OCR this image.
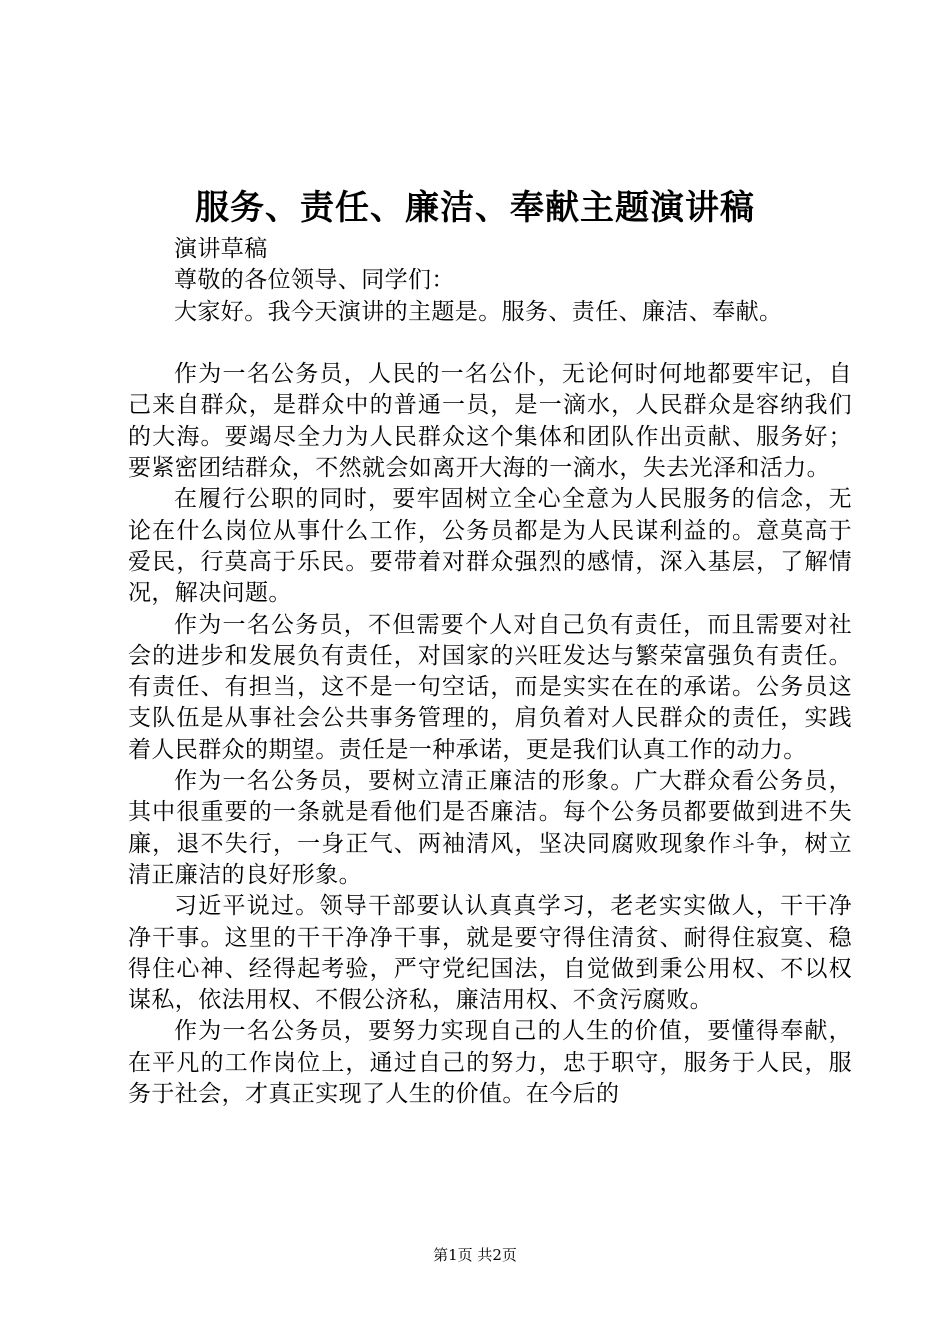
服务、责任、廉洁、奉献主题演讲稿

演讲草稿

尊敬的各位领导、同学们：

大家好。我今天演讲的主题是。服务、责任、廉洁、奉献。

作为一名公务员，人民的一名公仆，无论何时何地都要牢记，自己来自群众，是群众中的普通一员，是一滴水，人民群众是容纳我们的大海。要竭尽全力为人民群众这个集体和团队作出贡献、服务好；要紧密团结群众，不然就会如离开大海的一滴水，失去光泽和活力。

在履行公职的同时，要牢固树立全心全意为人民服务的信念，无论在什么岗位从事什么工作，公务员都是为人民谋利益的。意莫高于爱民，行莫高于乐民。要带着对群众强烈的感情，深入基层，了解情况，解决问题。

作为一名公务员，不但需要个人对自己负有责任，而且需要对社会的进步和发展负有责任，对国家的兴旺发达与繁荣富强负有责任。有责任、有担当，这不是一句空话，而是实实在在的承诺。公务员这支队伍是从事社会公共事务管理的，肩负着对人民群众的责任，实践着人民群众的期望。责任是一种承诺，更是我们认真工作的动力。

作为一名公务员，要树立清正廉洁的形象。广大群众看公务员，其中很重要的一条就是看他们是否廉洁。每个公务员都要做到进不失廉，退不失行，一身正气、两袖清风，坚决同腐败现象作斗争，树立清正廉洁的良好形象。

习近平说过。领导干部要认认真真学习，老老实实做人，干干净净干事。这里的干干净净干事，就是要守得住清贫、耐得住寂寞、稳得住心神、经得起考验，严守党纪国法，自觉做到秉公用权、不以权谋私，依法用权、不假公济私，廉洁用权、不贪污腐败。

作为一名公务员，要努力实现自己的人生的价值，要懂得奉献，在平凡的工作岗位上，通过自己的努力，忠于职守，服务于人民，服务于社会，才真正实现了人生的价值。在今后的

第1页 共2页
